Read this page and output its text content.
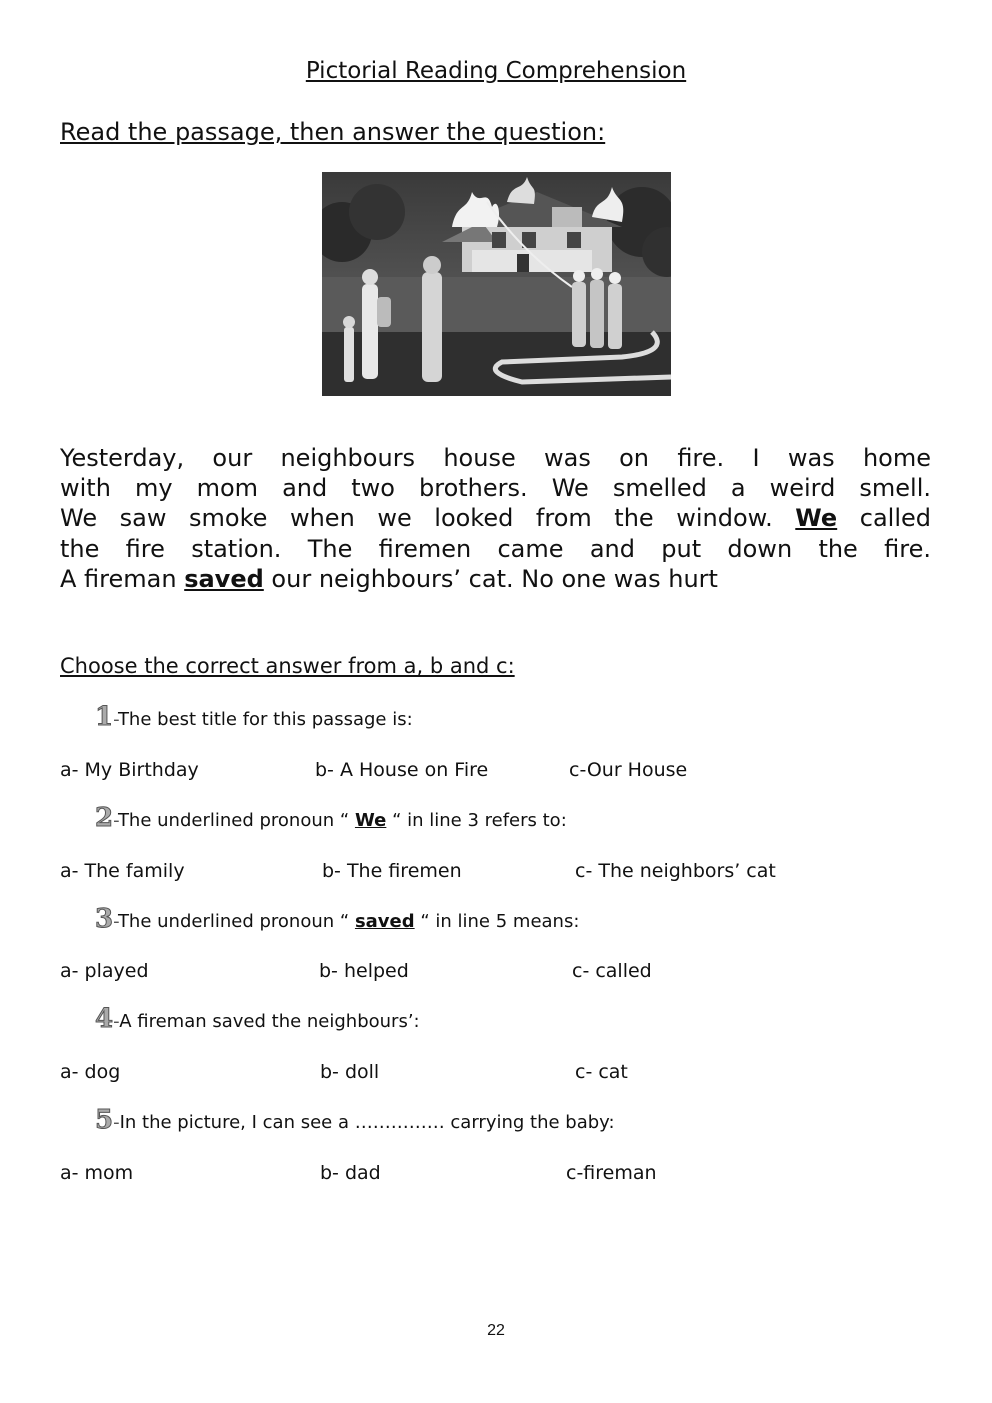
Pictorial Reading Comprehension
Read the passage, then answer the question:
Yesterday, our neighbours house was on fire. I was home
with my mom and two brothers. We smelled a weird smell.
We saw smoke when we looked from the window. We called
the fire station. The firemen came and put down the fire.
A fireman saved our neighbours’ cat. No one was hurt
Choose the correct answer from a, b and c:
1-The best title for this passage is:
a- My Birthday	b- A House on Fire	c-Our House
2-The underlined pronoun “ We “ in line 3 refers to:
a- The family	b- The firemen	c- The neighbors’ cat
3-The underlined pronoun “ saved “ in line 5 means:
a- played	b- helped	c- called
4-A fireman saved the neighbours’:
a- dog	b- doll	c- cat
5-In the picture, I can see a …………… carrying the baby:
a- mom	b- dad	c-fireman
22
